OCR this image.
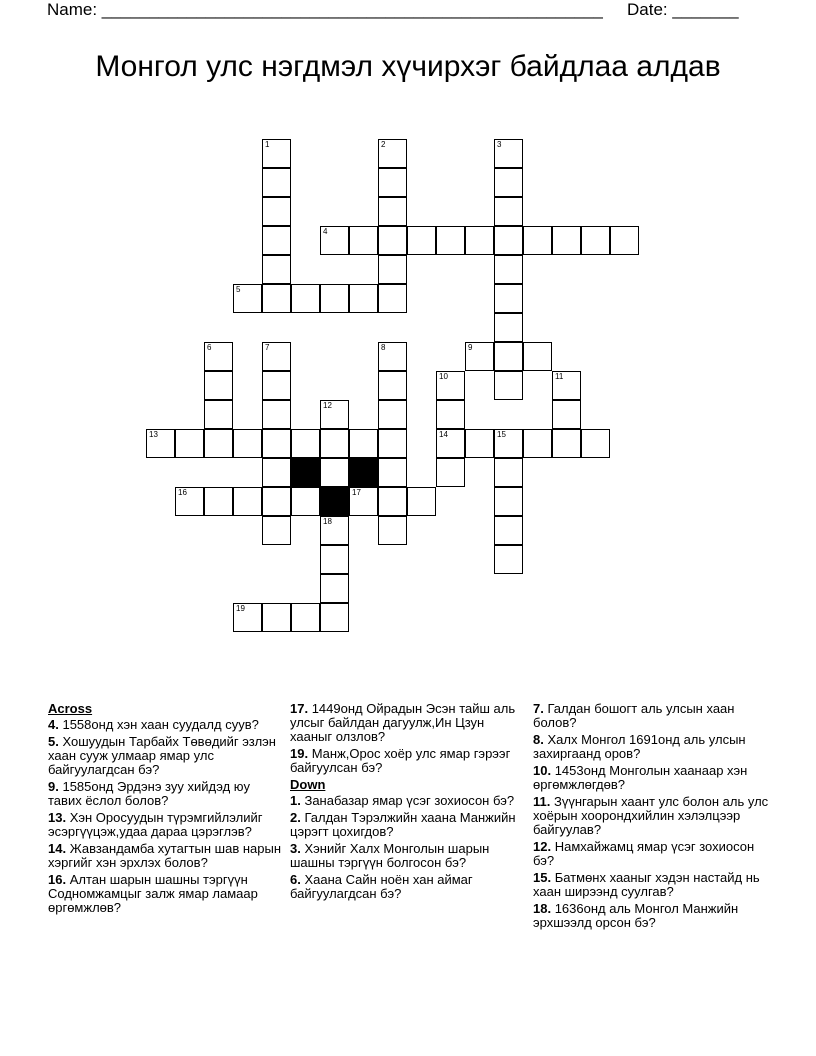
Name: _____________________________________________________ Date: _______
Монгол улс нэгдмэл хүчирхэг байдлаа алдав
1	2	3
4
5
6	7	8	9
10	11
12
13	14	15
16	17
18
19
Across
4. 1558онд хэн хаан суудалд суув?
5. Хошуудын Тарбайх Төвөдийг эзлэн хаан сууж улмаар ямар улс байгуулагдсан бэ?
9. 1585онд Эрдэнэ зуу хийдэд юу тавих ёслол болов?
13. Хэн Оросуудын түрэмгийлэлийг эсэргүүцэж,удаа дараа цэрэглэв?
14. Жавзандамба хутагтын шав нарын хэргийг хэн эрхлэх болов?
16. Алтан шарын шашны тэргүүн Содномжамцыг залж ямар ламаар өргөмжлөв?
17. 1449онд Ойрадын Эсэн тайш аль улсыг байлдан дагуулж,Ин Цзун хааныг олзлов?
19. Манж,Орос хоёр улс ямар гэрээг байгуулсан бэ?
Down
1. Занабазар ямар үсэг зохиосон бэ?
2. Галдан Тэрэлжийн хаана Манжийн цэрэгт цохигдов?
3. Хэнийг Халх Монголын шарын шашны тэргүүн болгосон бэ?
6. Хаана Сайн ноён хан аймаг байгуулагдсан бэ?
7. Галдан бошогт аль улсын хаан болов?
8. Халх Монгол 1691онд аль улсын захиргаанд оров?
10. 1453онд Монголын хаанаар хэн өргөмжлөгдөв?
11. Зүүнгарын хаант улс болон аль улс хоёрын хоорондхийлин хэлэлцээр байгуулав?
12. Намхайжамц ямар үсэг зохиосон бэ?
15. Батмөнх хааныг хэдэн настайд нь хаан ширээнд суулгав?
18. 1636онд аль Монгол Манжийн эрхшээлд орсон бэ?
